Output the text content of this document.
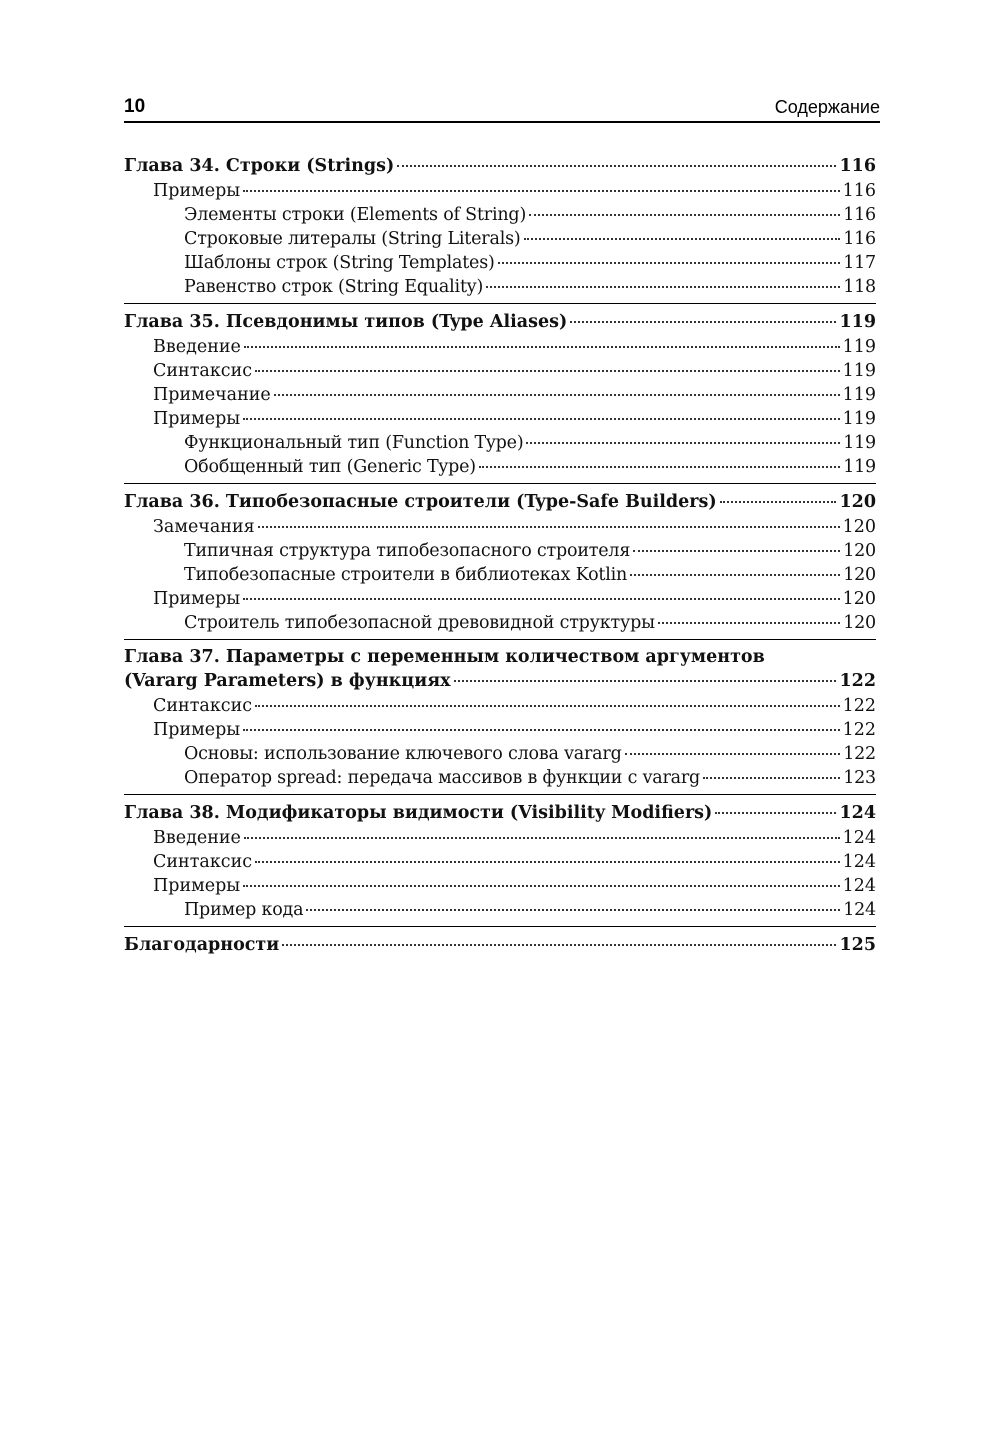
10	Содержание
Глава 34. Строки (Strings)	116
Примеры	116
Элементы строки (Elements of String)	116
Строковые литералы (String Literals)	116
Шаблоны строк (String Templates)	117
Равенство строк (String Equality)	118
Глава 35. Псевдонимы типов (Type Aliases)	119
Введение	119
Синтаксис	119
Примечание	119
Примеры	119
Функциональный тип (Function Type)	119
Обобщенный тип (Generic Type)	119
Глава 36. Типобезопасные строители (Type-Safe Builders)	120
Замечания	120
Типичная структура типобезопасного строителя	120
Типобезопасные строители в библиотеках Kotlin	120
Примеры	120
Строитель типобезопасной древовидной структуры	120
Глава 37. Параметры с переменным количеством аргументов
(Vararg Parameters) в функциях	122
Синтаксис	122
Примеры	122
Основы: использование ключевого слова vararg	122
Оператор spread: передача массивов в функции с vararg	123
Глава 38. Модификаторы видимости (Visibility Modifiers)	124
Введение	124
Синтаксис	124
Примеры	124
Пример кода	124
Благодарности	125
